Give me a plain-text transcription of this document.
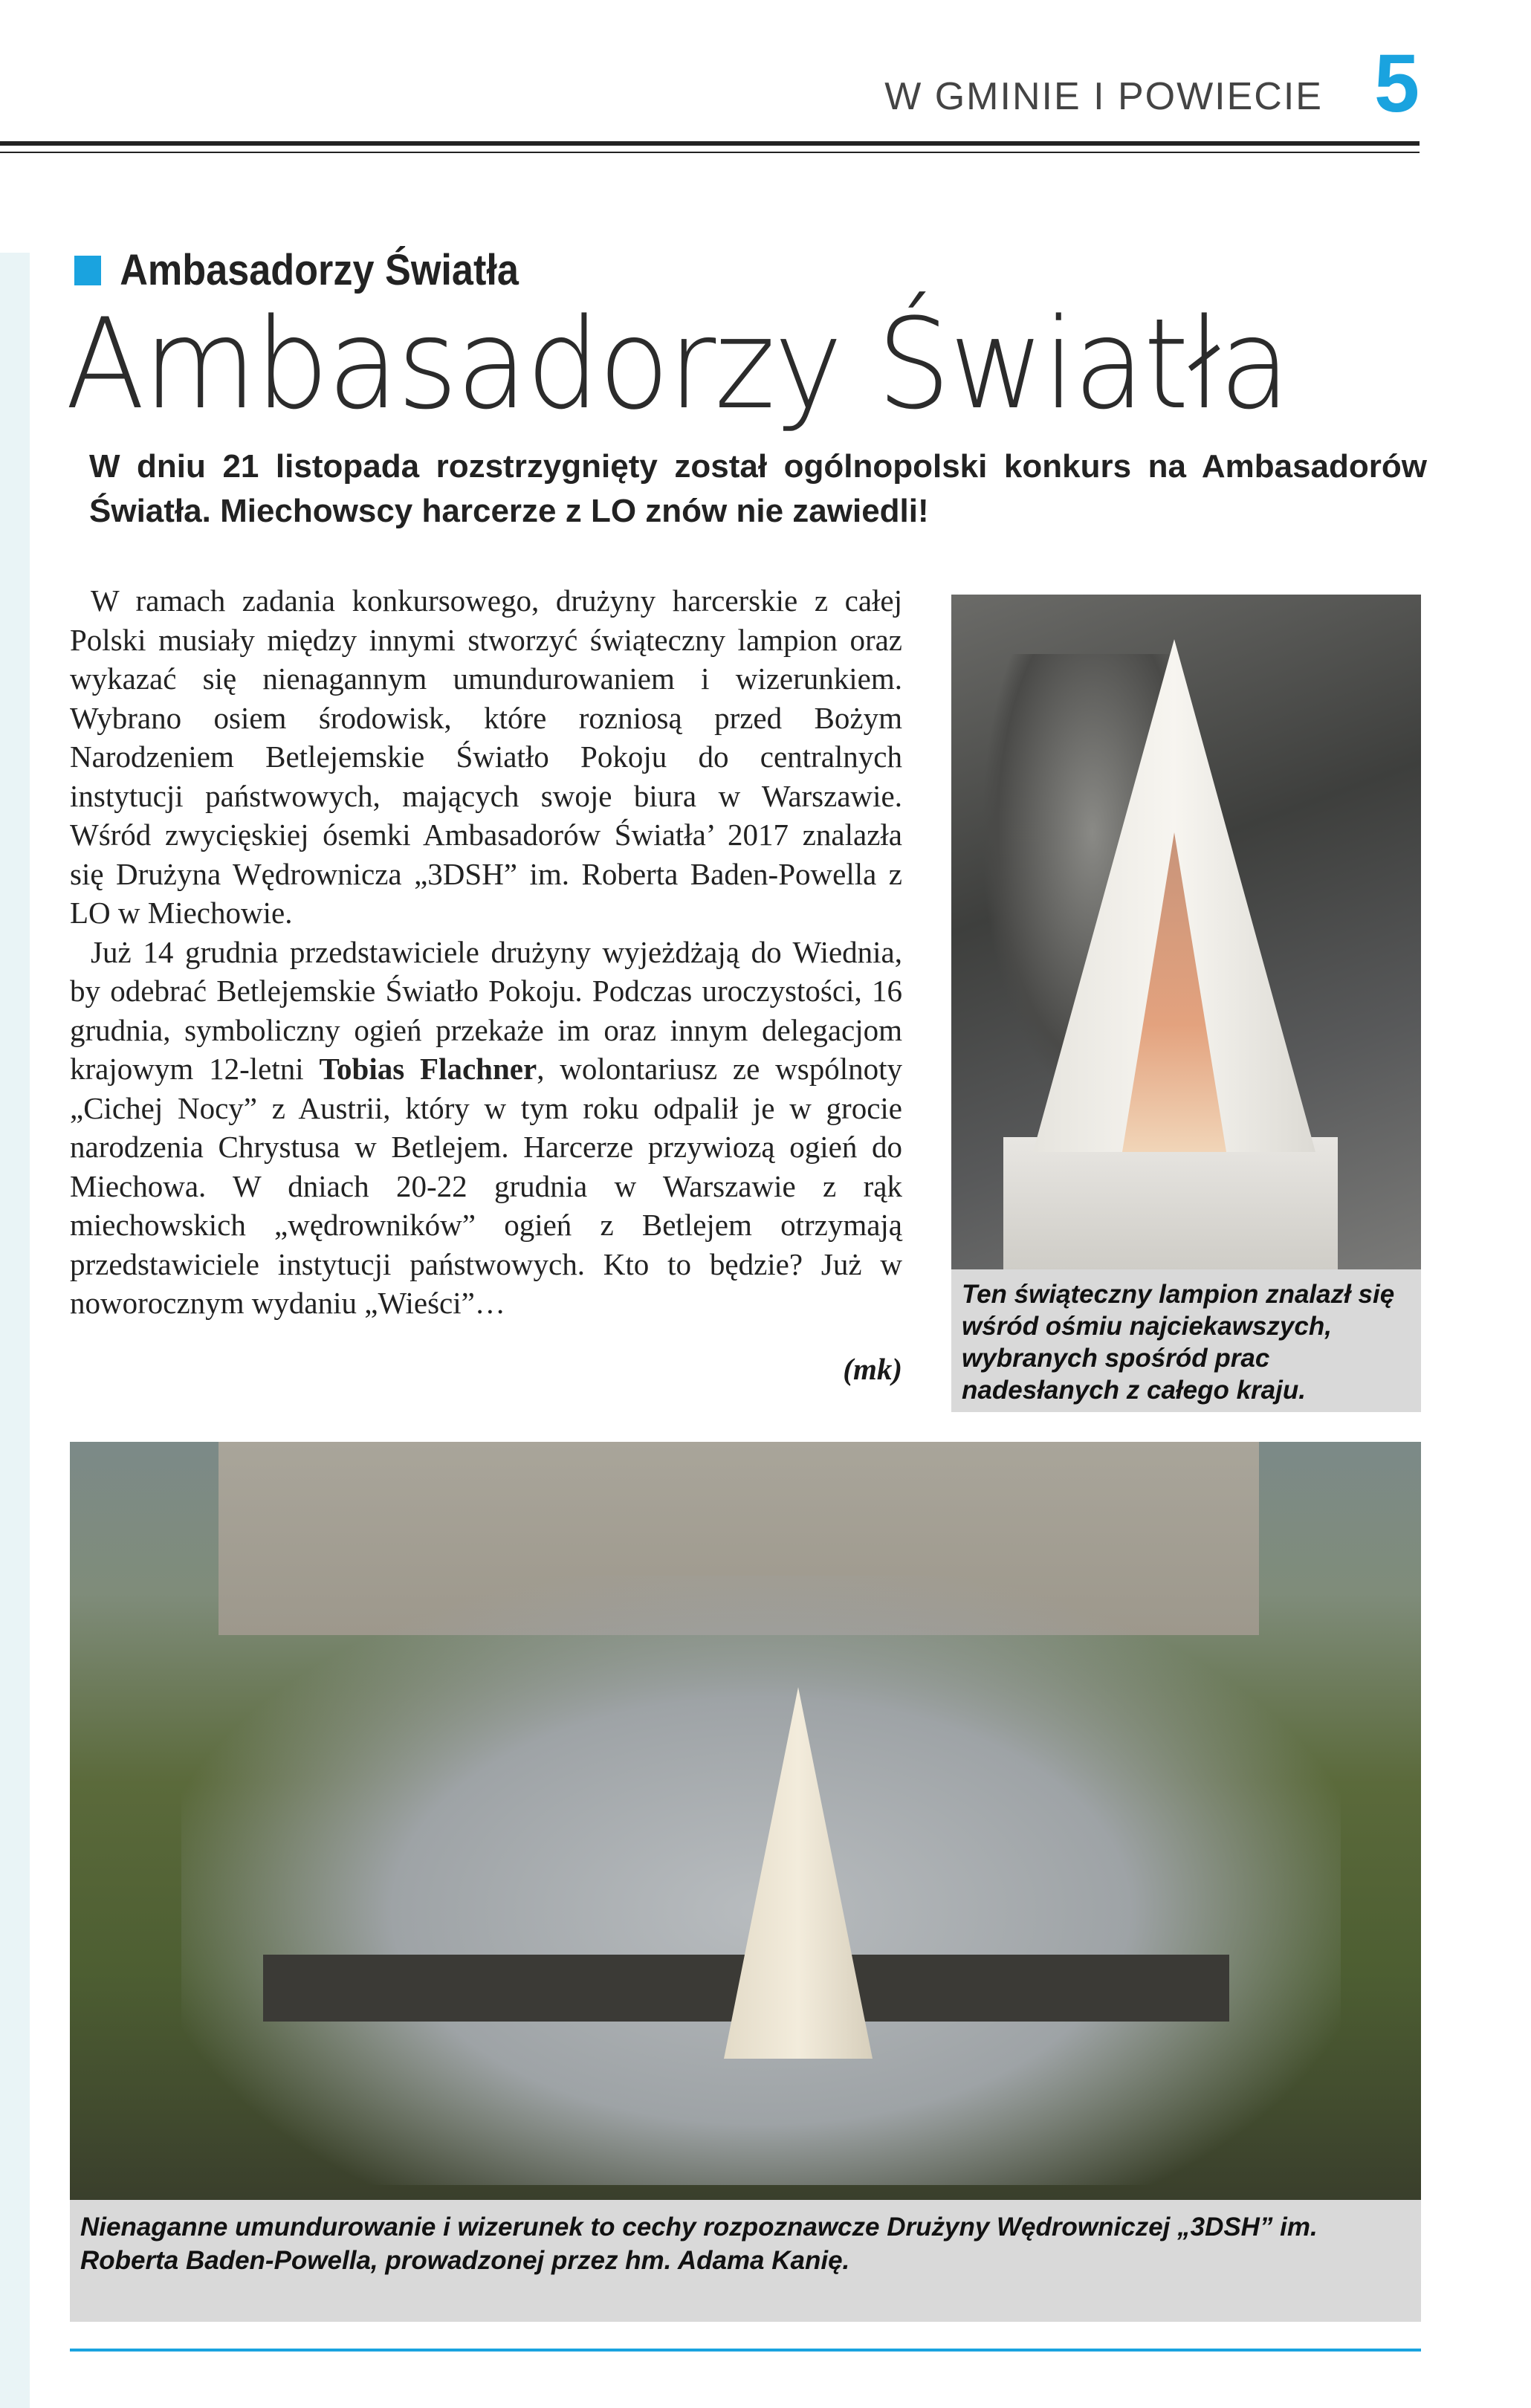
W GMINIE I POWIECIE 5
Ambasadorzy Światła
Ambasadorzy Światła
W dniu 21 listopada rozstrzygnięty został ogólnopolski konkurs na Ambasadorów Światła. Miechowscy harcerze z LO znów nie zawiedli!

W ramach zadania konkursowego, drużyny harcerskie z całej Polski musiały między innymi stworzyć świąteczny lampion oraz wykazać się nienagannym umundurowaniem i wizerunkiem. Wybrano osiem środowisk, które rozniosą przed Bożym Narodzeniem Betlejemskie Światło Pokoju do centralnych instytucji państwowych, mających swoje biura w Warszawie. Wśród zwycięskiej ósemki Ambasadorów Światła’ 2017 znalazła się Drużyna Wędrownicza „3DSH” im. Roberta Baden-Powella z LO w Miechowie.

Już 14 grudnia przedstawiciele drużyny wyjeżdżają do Wiednia, by odebrać Betlejemskie Światło Pokoju. Podczas uroczystości, 16 grudnia, symboliczny ogień przekaże im oraz innym delegacjom krajowym 12-letni Tobias Flachner, wolontariusz ze wspólnoty „Cichej Nocy” z Austrii, który w tym roku odpalił je w grocie narodzenia Chrystusa w Betlejem. Harcerze przywiozą ogień do Miechowa. W dniach 20-22 grudnia w Warszawie z rąk miechowskich „wędrowników” ogień z Betlejem otrzymają przedstawiciele instytucji państwowych. Kto to będzie? Już w noworocznym wydaniu „Wieści”…

(mk)
Ten świąteczny lampion znalazł się wśród ośmiu najciekawszych, wybranych spośród prac nadesłanych z całego kraju.
Nienaganne umundurowanie i wizerunek to cechy rozpoznawcze Drużyny Wędrowniczej „3DSH” im. Roberta Baden-Powella, prowadzonej przez hm. Adama Kanię.
